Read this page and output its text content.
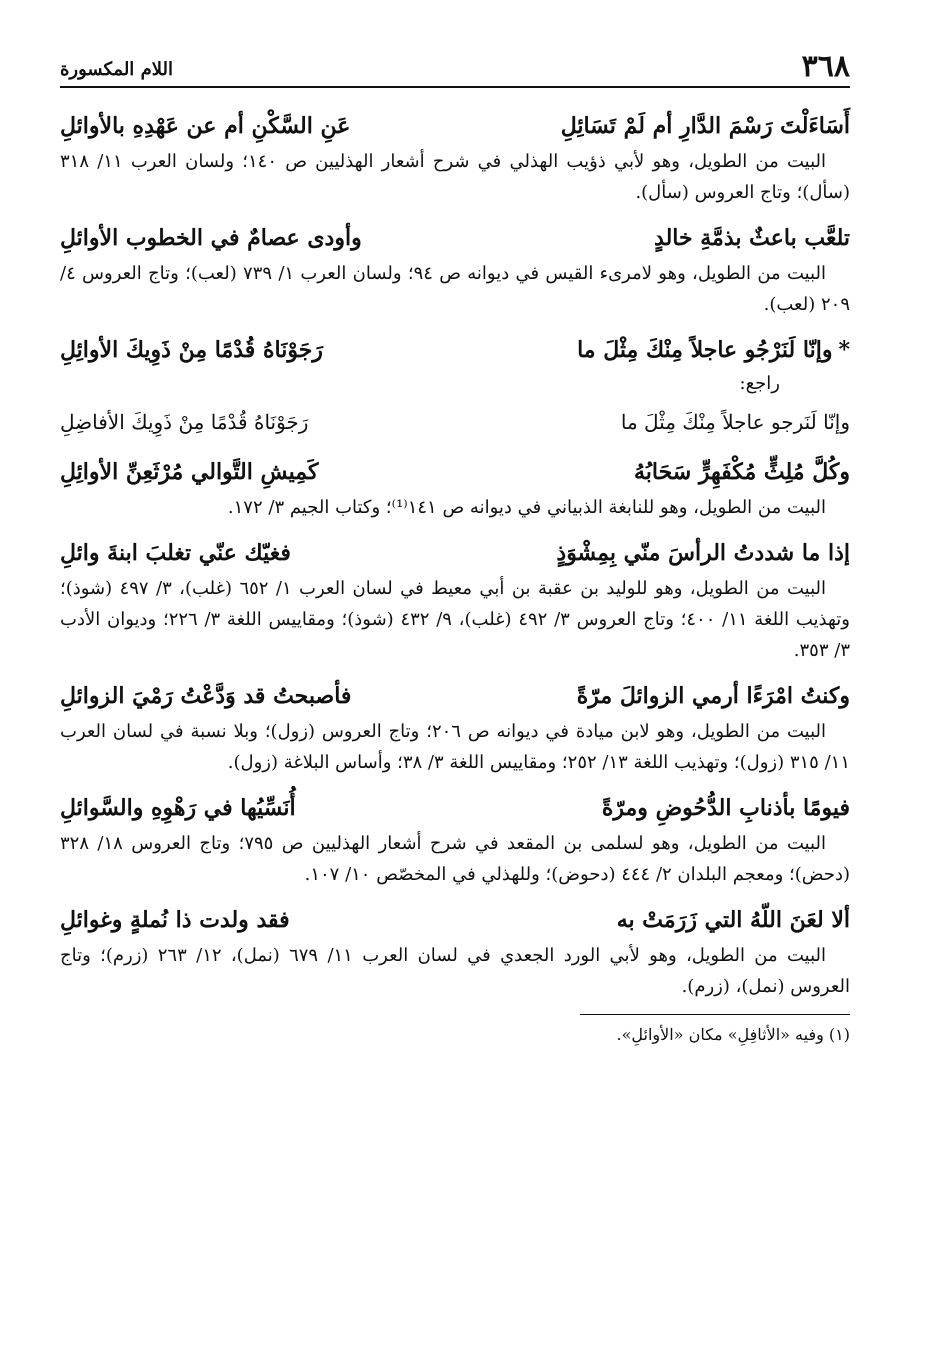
٣٦٨
اللام المكسورة
أَسَاءَلْتَ رَسْمَ الدَّارِ أم لَمْ تَسَائِلِ
عَنِ السَّكْنِ أم عن عَهْدِهِ بالأوائلِ

البيت من الطويل، وهو لأبي ذؤيب الهذلي في شرح أشعار الهذليين ص ١٤٠؛ ولسان العرب ١١/ ٣١٨ (سأل)؛ وتاج العروس (سأل).

تلعَّب باعثٌ بذمَّةِ خالدٍ
وأودى عصامٌ في الخطوب الأوائلِ

البيت من الطويل، وهو لامرىء القيس في ديوانه ص ٩٤؛ ولسان العرب ١/ ٧٣٩ (لعب)؛ وتاج العروس ٤/ ٢٠٩ (لعب).

*وإنّا لَنَرْجُو عاجلاً مِنْكَ مِثْلَ ما
رَجَوْنَاهُ قُدْمًا مِنْ ذَوِيكَ الأوائِلِ
راجع:
وإنّا لَنَرجو عاجلاً مِنْكَ مِثْلَ ما
رَجَوْنَاهُ قُدْمًا مِنْ ذَوِيكَ الأفاضِلِ
وكُلَّ مُلِثٍّ مُكْفَهِرٍّ سَحَابُهُ
كَمِيشِ التَّوالي مُرْثَعِنِّ الأوائِلِ

البيت من الطويل، وهو للنابغة الذبياني في ديوانه ص ١٤١⁽¹⁾؛ وكتاب الجيم ٣/ ١٧٢.

إذا ما شددتُ الرأسَ منّي بِمِشْوَذٍ
فغيّك عنّي تغلبَ ابنةَ وائلِ

البيت من الطويل، وهو للوليد بن عقبة بن أبي معيط في لسان العرب ١/ ٦٥٢ (غلب)، ٣/ ٤٩٧ (شوذ)؛ وتهذيب اللغة ١١/ ٤٠٠؛ وتاج العروس ٣/ ٤٩٢ (غلب)، ٩/ ٤٣٢ (شوذ)؛ ومقاييس اللغة ٣/ ٢٢٦؛ وديوان الأدب ٣/ ٣٥٣.

وكنتُ امْرَءًا أرمي الزوائلَ مرّةً
فأصبحتُ قد وَدَّعْتُ رَمْيَ الزوائلِ

البيت من الطويل، وهو لابن ميادة في ديوانه ص ٢٠٦؛ وتاج العروس (زول)؛ وبلا نسبة في لسان العرب ١١/ ٣١٥ (زول)؛ وتهذيب اللغة ١٣/ ٢٥٢؛ ومقاييس اللغة ٣/ ٣٨؛ وأساس البلاغة (زول).

فيومًا بأذنابِ الدُّحُوضِ ومرّةً
أُنَسِّيُها في رَهْوِهِ والسَّوائلِ

البيت من الطويل، وهو لسلمى بن المقعد في شرح أشعار الهذليين ص ٧٩٥؛ وتاج العروس ١٨/ ٣٢٨ (دحض)؛ ومعجم البلدان ٢/ ٤٤٤ (دحوض)؛ وللهذلي في المخصّص ١٠/ ١٠٧.

ألا لعَنَ اللّهُ التي زَرَمَتْ به
فقد ولدت ذا نُملةٍ وغوائلِ

البيت من الطويل، وهو لأبي الورد الجعدي في لسان العرب ١١/ ٦٧٩ (نمل)، ١٢/ ٢٦٣ (زرم)؛ وتاج العروس (نمل)، (زرم).

(١) وفيه «الأثافِلِ» مكان «الأوائلِ».
